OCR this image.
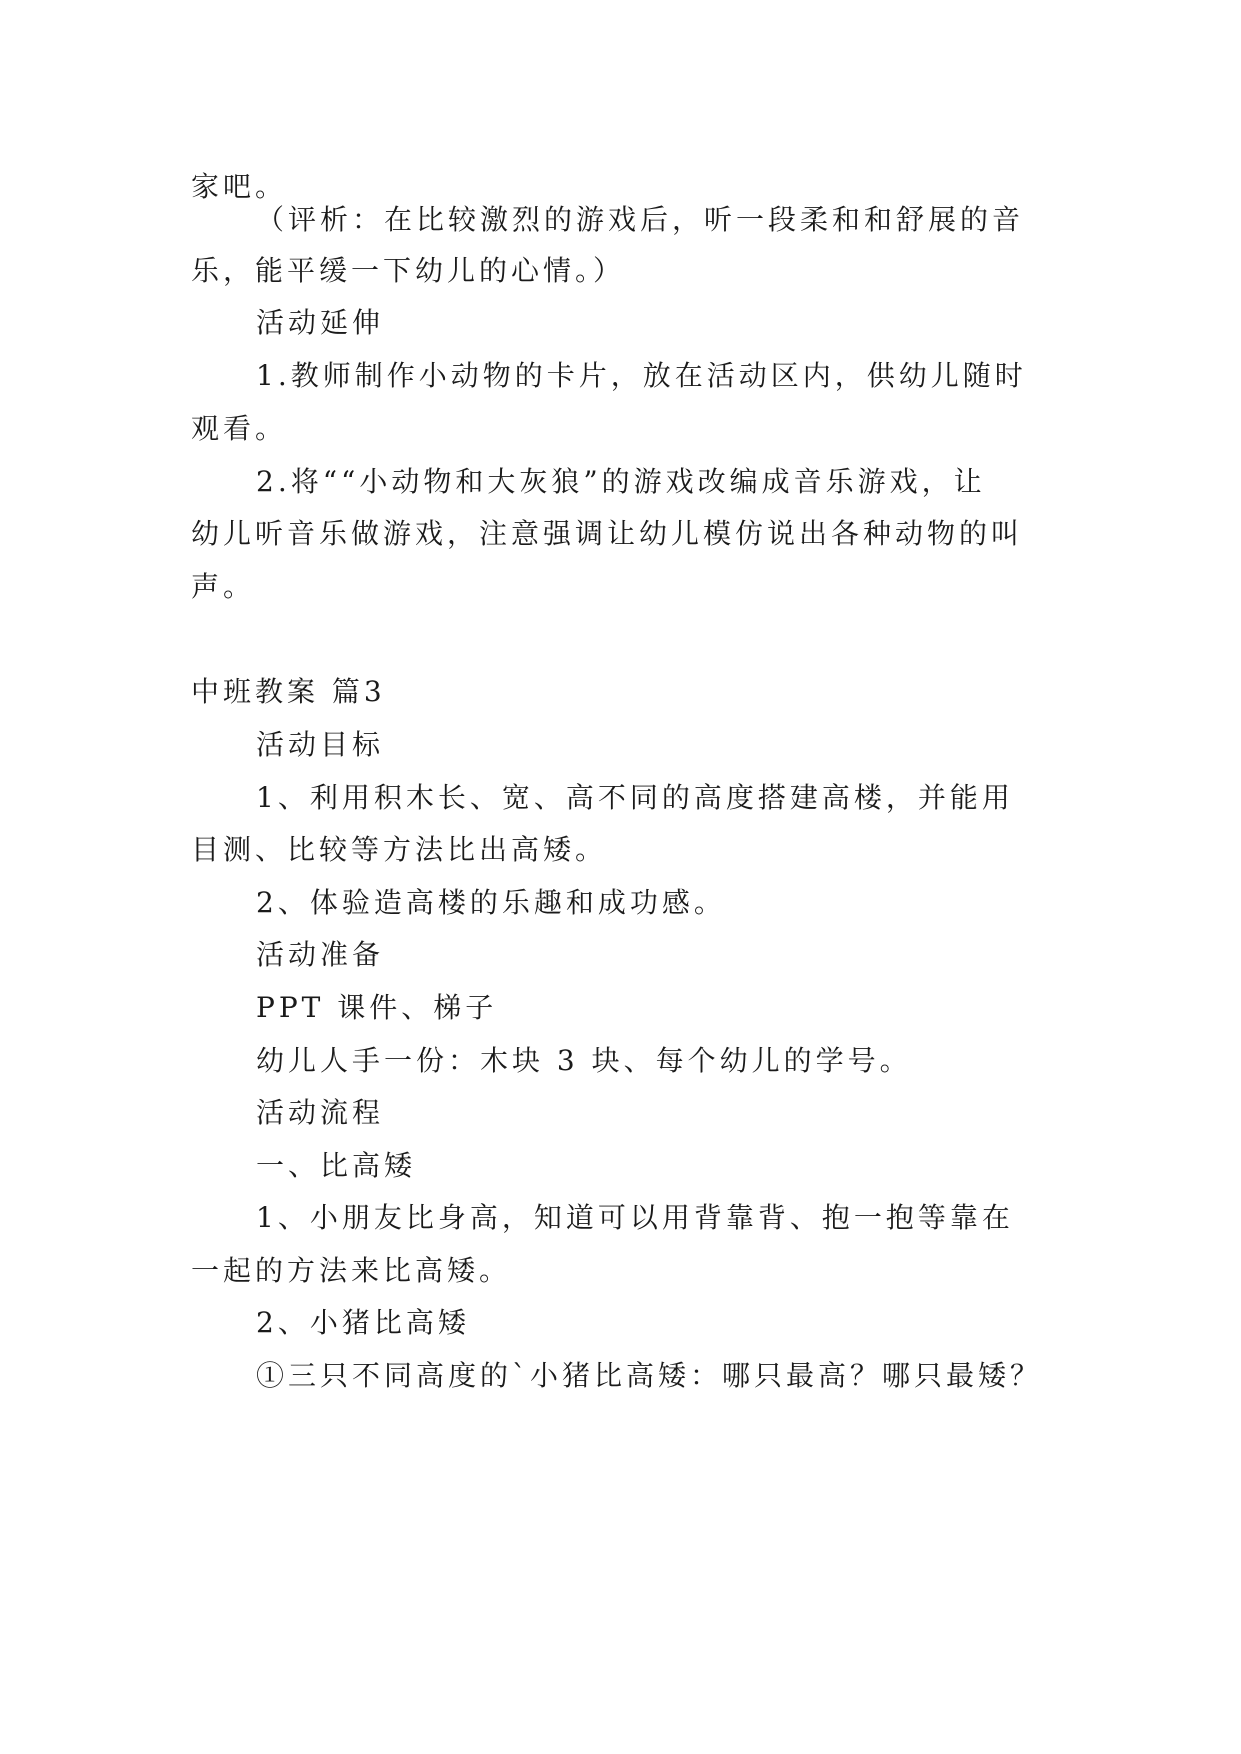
家吧。
（评析：在比较激烈的游戏后，听一段柔和和舒展的音
乐，能平缓一下幼儿的心情。）
活动延伸
1.教师制作小动物的卡片，放在活动区内，供幼儿随时
观看。
2.将““小动物和大灰狼”的游戏改编成音乐游戏，让
幼儿听音乐做游戏，注意强调让幼儿模仿说出各种动物的叫
声。
中班教案 篇3
活动目标
1、利用积木长、宽、高不同的高度搭建高楼，并能用
目测、比较等方法比出高矮。
2、体验造高楼的乐趣和成功感。
活动准备
PPT 课件、梯子
幼儿人手一份：木块 3 块、每个幼儿的学号。
活动流程
一、比高矮
1、小朋友比身高，知道可以用背靠背、抱一抱等靠在
一起的方法来比高矮。
2、小猪比高矮
①三只不同高度的`小猪比高矮：哪只最高？哪只最矮？
